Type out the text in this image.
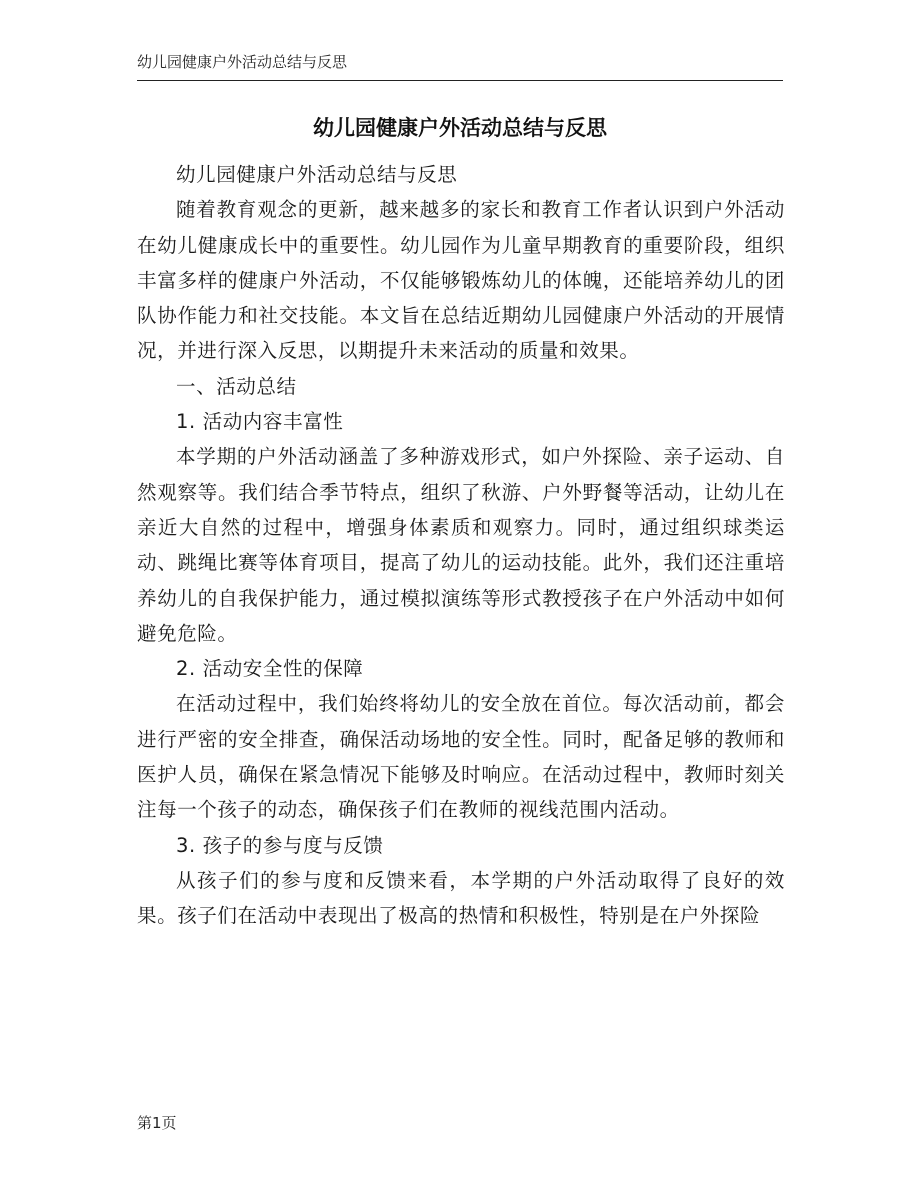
幼儿园健康户外活动总结与反思
幼儿园健康户外活动总结与反思

幼儿园健康户外活动总结与反思

随着教育观念的更新，越来越多的家长和教育工作者认识到户外活动在幼儿健康成长中的重要性。幼儿园作为儿童早期教育的重要阶段，组织丰富多样的健康户外活动，不仅能够锻炼幼儿的体魄，还能培养幼儿的团队协作能力和社交技能。本文旨在总结近期幼儿园健康户外活动的开展情况，并进行深入反思，以期提升未来活动的质量和效果。

一、活动总结

1. 活动内容丰富性

本学期的户外活动涵盖了多种游戏形式，如户外探险、亲子运动、自然观察等。我们结合季节特点，组织了秋游、户外野餐等活动，让幼儿在亲近大自然的过程中，增强身体素质和观察力。同时，通过组织球类运动、跳绳比赛等体育项目，提高了幼儿的运动技能。此外，我们还注重培养幼儿的自我保护能力，通过模拟演练等形式教授孩子在户外活动中如何避免危险。

2. 活动安全性的保障

在活动过程中，我们始终将幼儿的安全放在首位。每次活动前，都会进行严密的安全排查，确保活动场地的安全性。同时，配备足够的教师和医护人员，确保在紧急情况下能够及时响应。在活动过程中，教师时刻关注每一个孩子的动态，确保孩子们在教师的视线范围内活动。

3. 孩子的参与度与反馈

从孩子们的参与度和反馈来看，本学期的户外活动取得了良好的效果。孩子们在活动中表现出了极高的热情和积极性，特别是在户外探险

第1页
